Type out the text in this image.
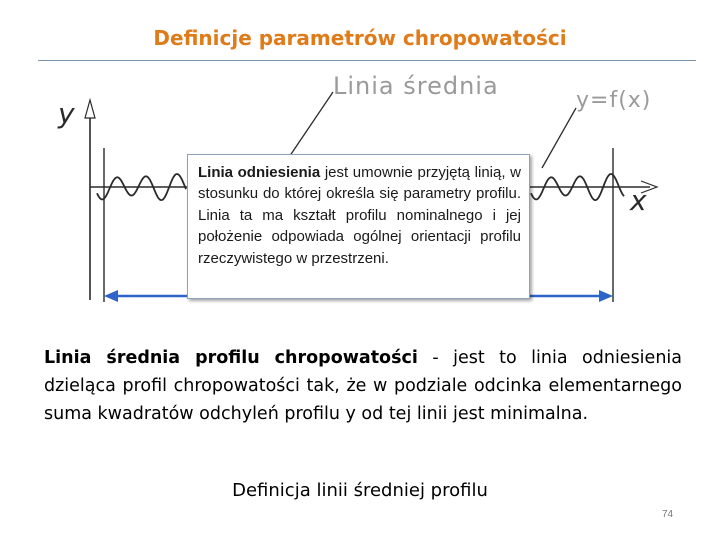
Definicje parametrów chropowatości
y
x
Linia średnia
y=f(x)
Linia odniesienia jest umownie przyjętą linią, w stosunku do której określa się parametry profilu. Linia ta ma kształt profilu nominalnego i jej położenie odpowiada ogólnej orientacji profilu rzeczywistego w przestrzeni.
Linia średnia profilu chropowatości - jest to linia odniesienia dzieląca profil chropowatości tak, że w podziale odcinka elementarnego suma kwadratów odchyleń profilu y od tej linii jest minimalna.
Definicja linii średniej profilu
74
